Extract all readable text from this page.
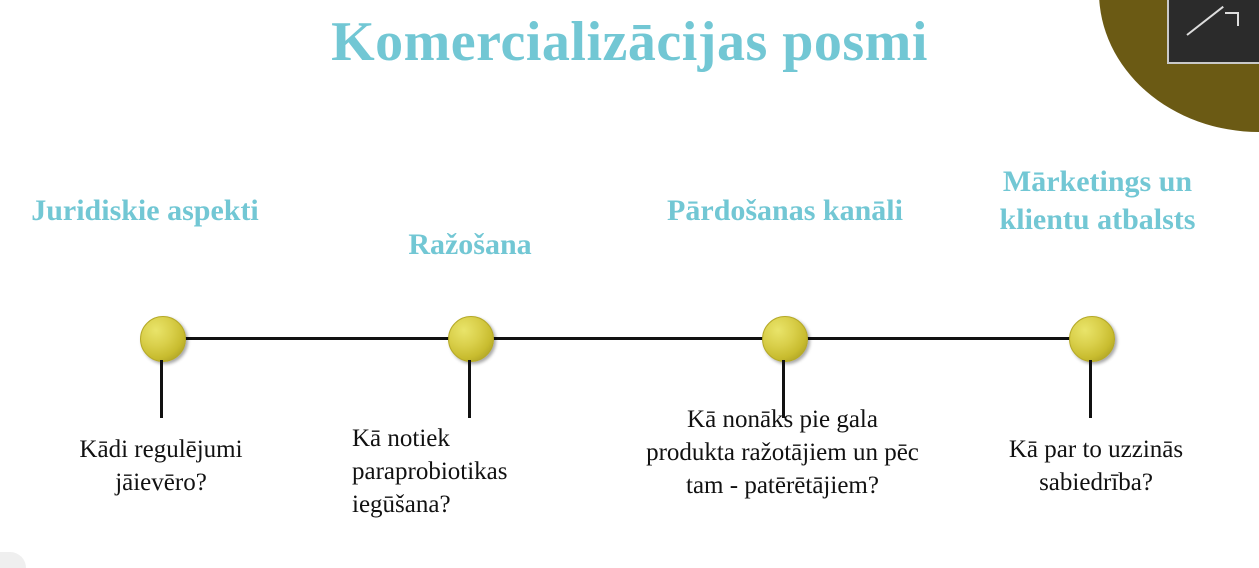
Komercializācijas posmi
Juridiskie aspekti
Kādi regulējumi jāievēro?
Ražošana
Kā notiek paraprobiotikas iegūšana?
Pārdošanas kanāli
Kā nonāks pie gala produkta ražotājiem un pēc tam - patērētājiem?
Mārketings un klientu atbalsts
Kā par to uzzinās sabiedrība?
